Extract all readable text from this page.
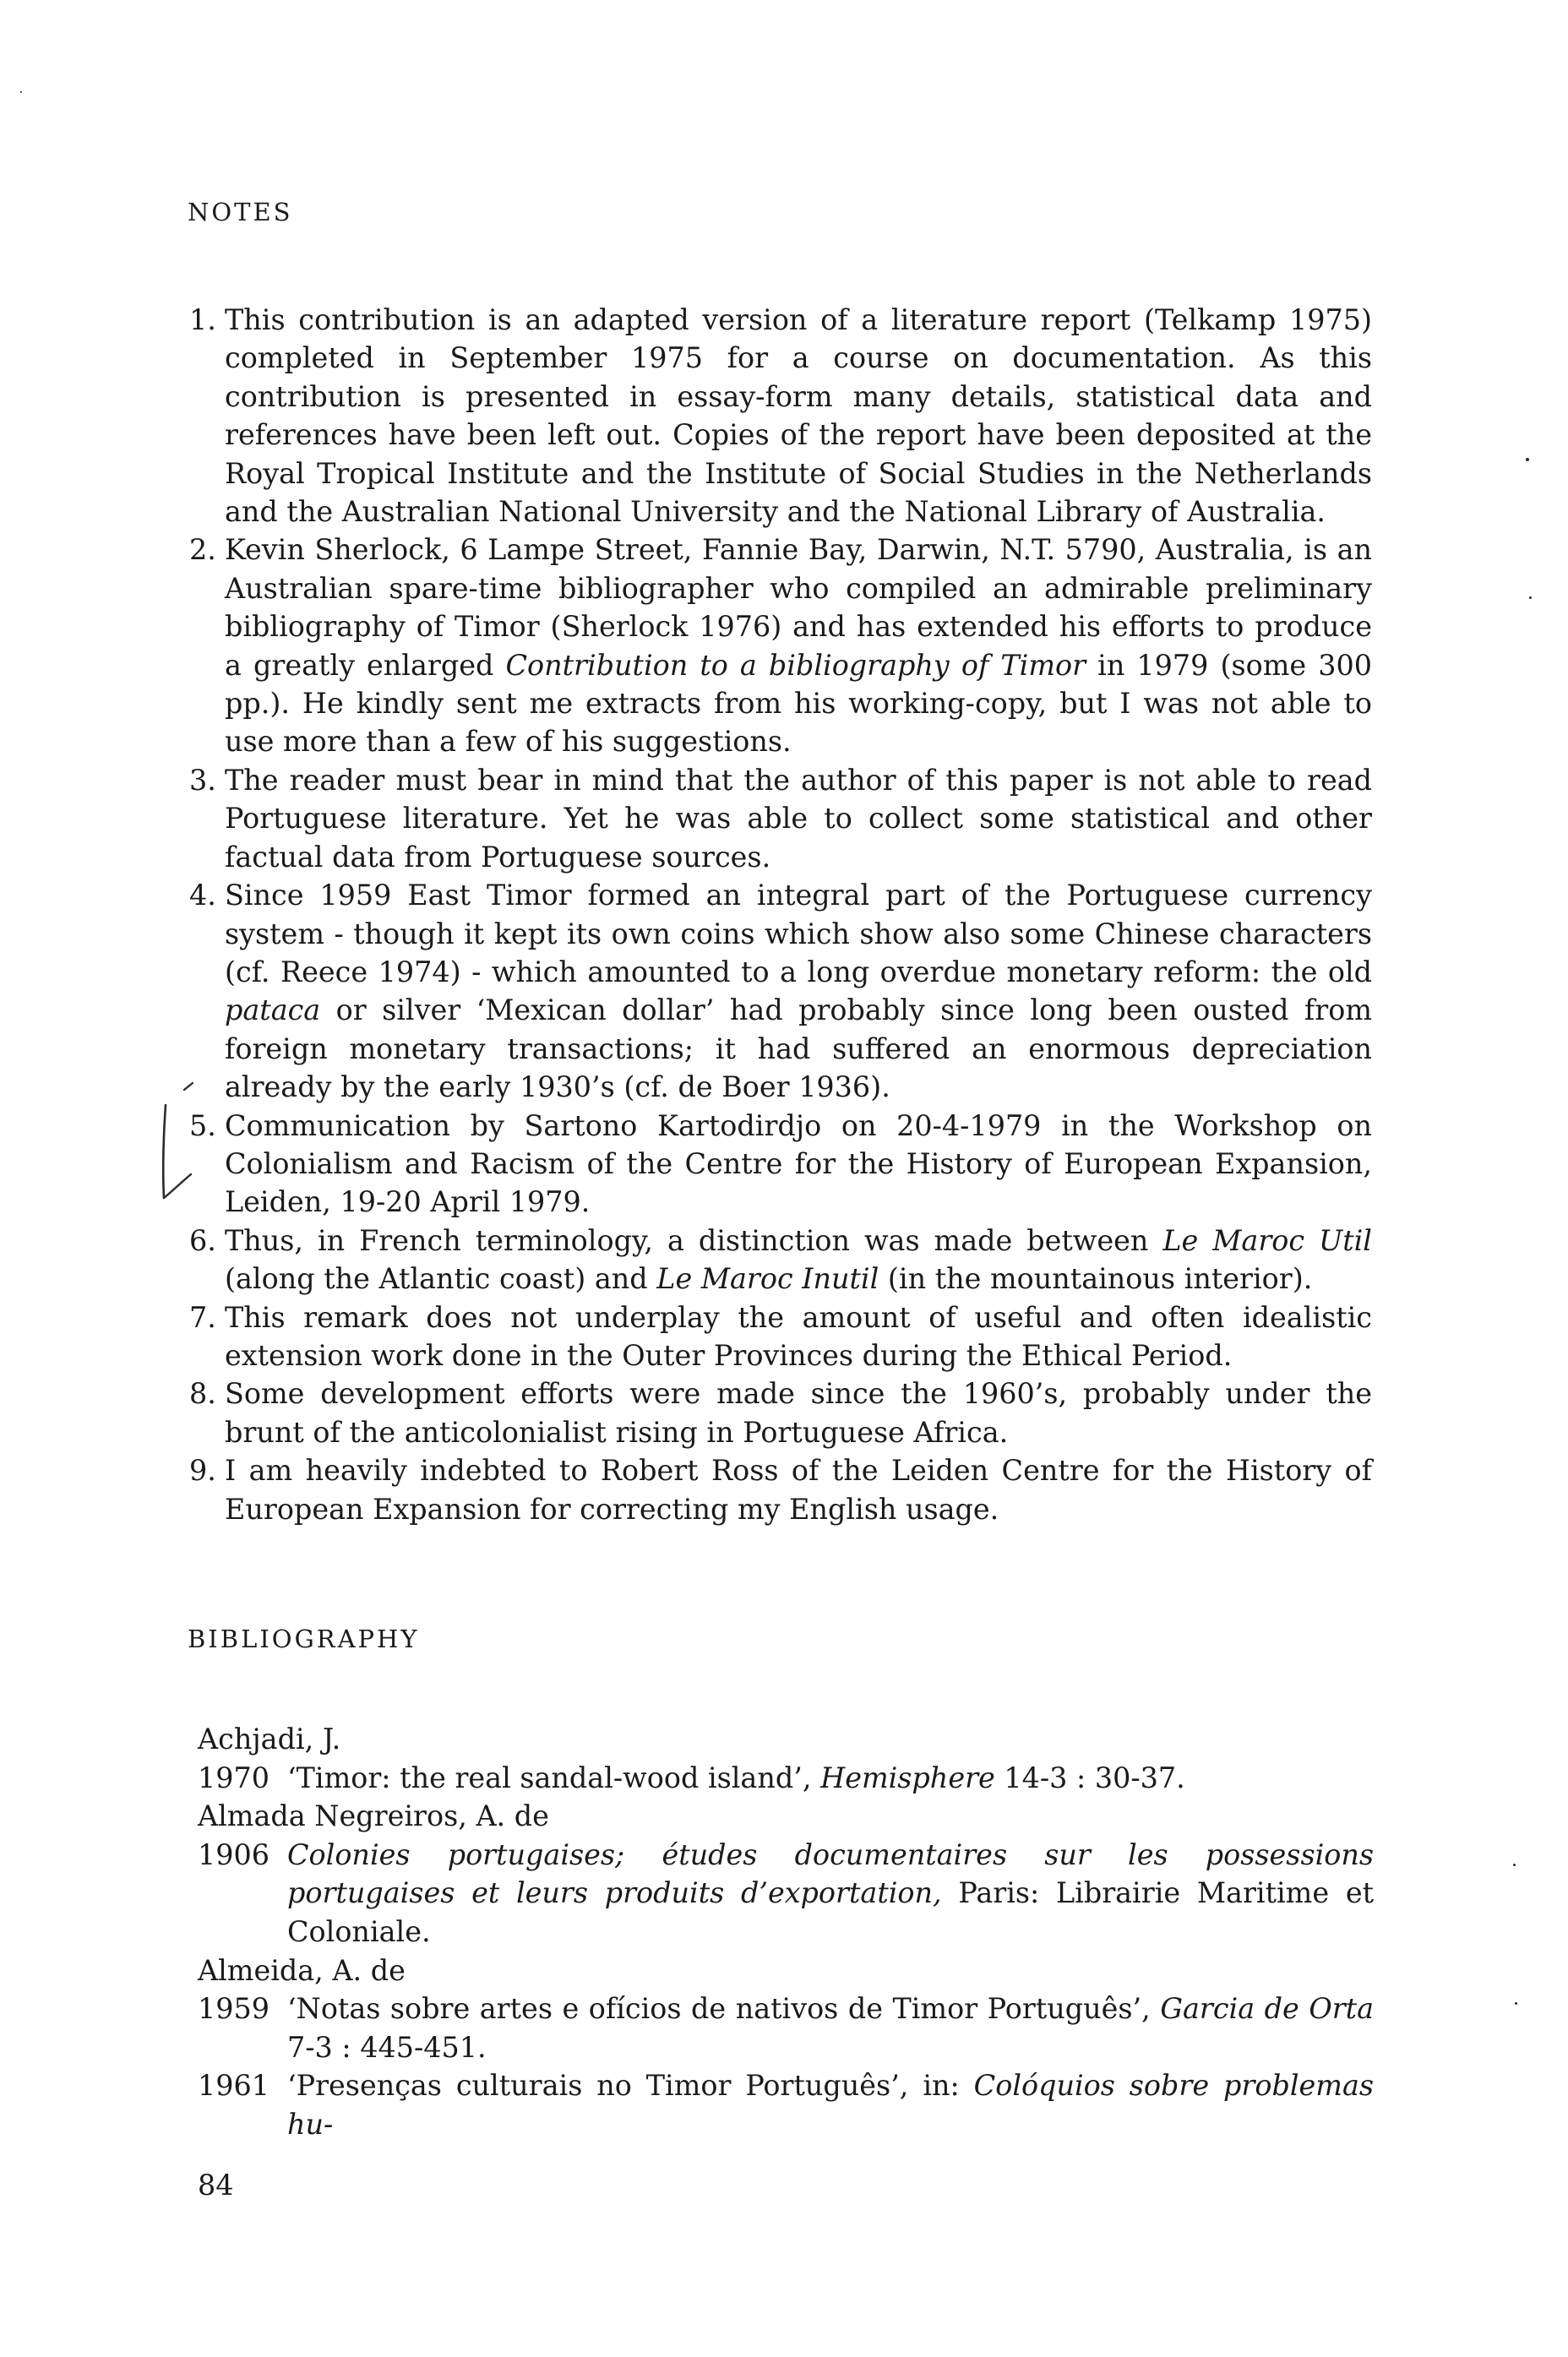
NOTES
1. This contribution is an adapted version of a literature report (Telkamp 1975) completed in September 1975 for a course on documentation. As this contribution is presented in essay-form many details, statistical data and references have been left out. Copies of the report have been deposited at the Royal Tropical Institute and the Institute of Social Studies in the Netherlands and the Australian National University and the National Library of Australia.
2. Kevin Sherlock, 6 Lampe Street, Fannie Bay, Darwin, N.T. 5790, Australia, is an Australian spare-time bibliographer who compiled an admirable preliminary bibliography of Timor (Sherlock 1976) and has extended his efforts to produce a greatly enlarged Contribution to a bibliography of Timor in 1979 (some 300 pp.). He kindly sent me extracts from his working-copy, but I was not able to use more than a few of his suggestions.
3. The reader must bear in mind that the author of this paper is not able to read Portuguese literature. Yet he was able to collect some statistical and other factual data from Portuguese sources.
4. Since 1959 East Timor formed an integral part of the Portuguese currency system - though it kept its own coins which show also some Chinese characters (cf. Reece 1974) - which amounted to a long overdue monetary reform: the old pataca or silver ‘Mexican dollar’ had probably since long been ousted from foreign monetary transactions; it had suffered an enormous depreciation already by the early 1930’s (cf. de Boer 1936).
5. Communication by Sartono Kartodirdjo on 20-4-1979 in the Workshop on Colonialism and Racism of the Centre for the History of European Expansion, Leiden, 19-20 April 1979.
6. Thus, in French terminology, a distinction was made between Le Maroc Util (along the Atlantic coast) and Le Maroc Inutil (in the mountainous interior).
7. This remark does not underplay the amount of useful and often idealistic extension work done in the Outer Provinces during the Ethical Period.
8. Some development efforts were made since the 1960’s, probably under the brunt of the anticolonialist rising in Portuguese Africa.
9. I am heavily indebted to Robert Ross of the Leiden Centre for the History of European Expansion for correcting my English usage.
BIBLIOGRAPHY
Achjadi, J.
1970 ‘Timor: the real sandal-wood island’, Hemisphere 14-3 : 30-37.
Almada Negreiros, A. de
1906 Colonies portugaises; études documentaires sur les possessions portugaises et leurs produits d’exportation, Paris: Librairie Maritime et Coloniale.
Almeida, A. de
1959 ‘Notas sobre artes e ofícios de nativos de Timor Português’, Garcia de Orta 7-3 : 445-451.
1961 ‘Presenças culturais no Timor Português’, in: Colóquios sobre problemas hu-
84
